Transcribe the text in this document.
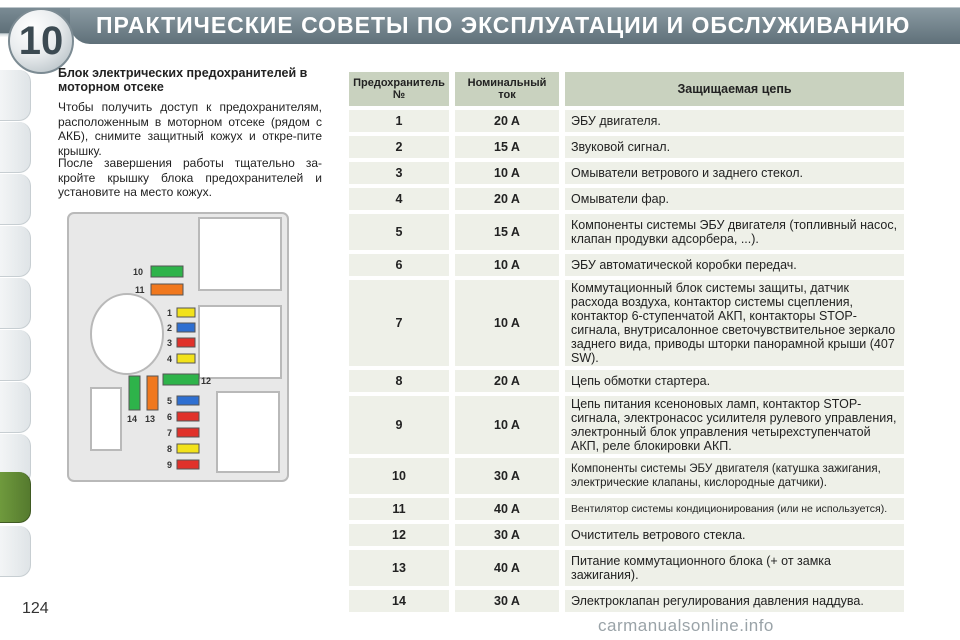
ПРАКТИЧЕСКИЕ СОВЕТЫ ПО ЭКСПЛУАТАЦИИ И ОБСЛУЖИВАНИЮ
10
Блок электрических предохранителей в моторном отсеке
Чтобы получить доступ к предохранителям, расположенным в моторном отсеке (рядом с АКБ), снимите защитный кожух и откре-пите крышку.
После завершения работы тщательно за-кройте крышку блока предохранителей и установите на место кожух.
10
11
1
2
3
4
12
5
6
7
8
9
14 13
Предохранитель №	Номинальный ток	Защищаемая цепь
1	20 A	ЭБУ двигателя.
2	15 A	Звуковой сигнал.
3	10 A	Омыватели ветрового и заднего стекол.
4	20 A	Омыватели фар.
5	15 A	Компоненты системы ЭБУ двигателя (топливный насос, клапан продувки адсорбера, ...).
6	10 A	ЭБУ автоматической коробки передач.
7	10 A	Коммутационный блок системы защиты, датчик расхода воздуха, контактор системы сцепления, контактор 6-ступенчатой АКП, контакторы STOP-сигнала, внутрисалонное светочувствительное зеркало заднего вида, приводы шторки панорамной крыши (407 SW).
8	20 A	Цепь обмотки стартера.
9	10 A	Цепь питания ксеноновых ламп, контактор STOP-сигнала, электронасос усилителя рулевого управления, электронный блок управления четырехступенчатой АКП, реле блокировки АКП.
10	30 A	Компоненты системы ЭБУ двигателя (катушка зажигания, электрические клапаны, кислородные датчики).
11	40 A	Вентилятор системы кондиционирования (или не используется).
12	30 A	Очиститель ветрового стекла.
13	40 A	Питание коммутационного блока (+ от замка зажигания).
14	30 A	Электроклапан регулирования давления наддува.
124
carmanualsonline.info
